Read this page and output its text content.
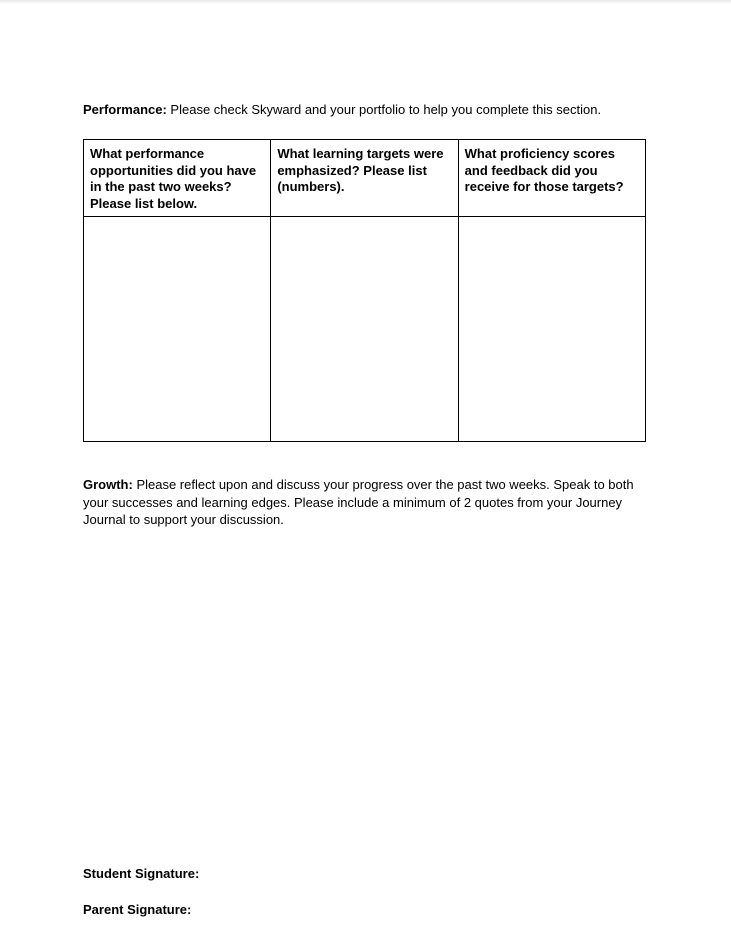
Performance: Please check Skyward and your portfolio to help you complete this section.
What performance opportunities did you have in the past two weeks? Please list below.	What learning targets were emphasized? Please list (numbers).	What proficiency scores and feedback did you receive for those targets?

Growth: Please reflect upon and discuss your progress over the past two weeks. Speak to both your successes and learning edges. Please include a minimum of 2 quotes from your Journey Journal to support your discussion.
Student Signature:
Parent Signature:
